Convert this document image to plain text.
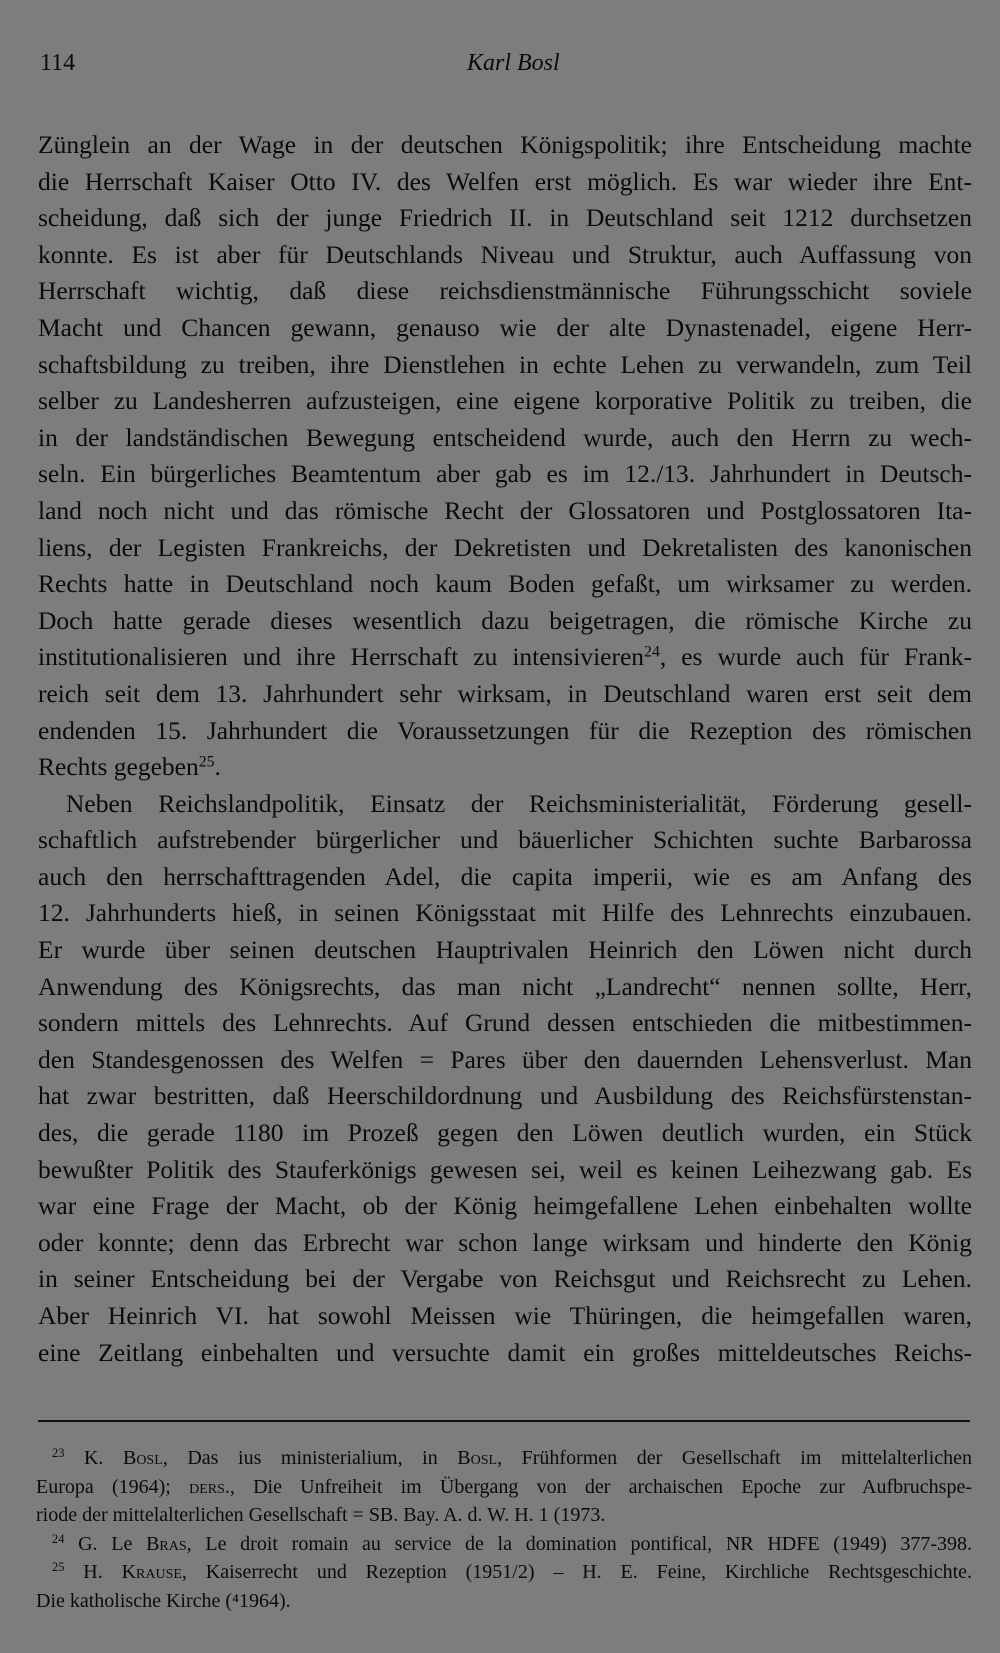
114	Karl Bosl
Zünglein an der Wage in der deutschen Königspolitik; ihre Entscheidung machte
die Herrschaft Kaiser Otto IV. des Welfen erst möglich. Es war wieder ihre Ent-
scheidung, daß sich der junge Friedrich II. in Deutschland seit 1212 durchsetzen
konnte. Es ist aber für Deutschlands Niveau und Struktur, auch Auffassung von
Herrschaft wichtig, daß diese reichsdienstmännische Führungsschicht soviele
Macht und Chancen gewann, genauso wie der alte Dynastenadel, eigene Herr-
schaftsbildung zu treiben, ihre Dienstlehen in echte Lehen zu verwandeln, zum Teil
selber zu Landesherren aufzusteigen, eine eigene korporative Politik zu treiben, die
in der landständischen Bewegung entscheidend wurde, auch den Herrn zu wech-
seln. Ein bürgerliches Beamtentum aber gab es im 12./13. Jahrhundert in Deutsch-
land noch nicht und das römische Recht der Glossatoren und Postglossatoren Ita-
liens, der Legisten Frankreichs, der Dekretisten und Dekretalisten des kanonischen
Rechts hatte in Deutschland noch kaum Boden gefaßt, um wirksamer zu werden.
Doch hatte gerade dieses wesentlich dazu beigetragen, die römische Kirche zu
institutionalisieren und ihre Herrschaft zu intensivieren$^{24}$, es wurde auch für Frank-
reich seit dem 13. Jahrhundert sehr wirksam, in Deutschland waren erst seit dem
endenden 15. Jahrhundert die Voraussetzungen für die Rezeption des römischen
Rechts gegeben$^{25}$.
Neben Reichslandpolitik, Einsatz der Reichsministerialität, Förderung gesell-
schaftlich aufstrebender bürgerlicher und bäuerlicher Schichten suchte Barbarossa
auch den herrschafttragenden Adel, die capita imperii, wie es am Anfang des
12. Jahrhunderts hieß, in seinen Königsstaat mit Hilfe des Lehnrechts einzubauen.
Er wurde über seinen deutschen Hauptrivalen Heinrich den Löwen nicht durch
Anwendung des Königsrechts, das man nicht „Landrecht“ nennen sollte, Herr,
sondern mittels des Lehnrechts. Auf Grund dessen entschieden die mitbestimmen-
den Standesgenossen des Welfen = Pares über den dauernden Lehensverlust. Man
hat zwar bestritten, daß Heerschildordnung und Ausbildung des Reichsfürstenstan-
des, die gerade 1180 im Prozeß gegen den Löwen deutlich wurden, ein Stück
bewußter Politik des Stauferkönigs gewesen sei, weil es keinen Leihezwang gab. Es
war eine Frage der Macht, ob der König heimgefallene Lehen einbehalten wollte
oder konnte; denn das Erbrecht war schon lange wirksam und hinderte den König
in seiner Entscheidung bei der Vergabe von Reichsgut und Reichsrecht zu Lehen.
Aber Heinrich VI. hat sowohl Meissen wie Thüringen, die heimgefallen waren,
eine Zeitlang einbehalten und versuchte damit ein großes mitteldeutsches Reichs-
$^{23}$ K. Bosl, Das ius ministerialium, in Bosl, Frühformen der Gesellschaft im mittelalterlichen
Europa (1964); ders., Die Unfreiheit im Übergang von der archaischen Epoche zur Aufbruchspe-
riode der mittelalterlichen Gesellschaft = SB. Bay. A. d. W. H. 1 (1973.
$^{24}$ G. Le Bras, Le droit romain au service de la domination pontifical, NR HDFE (1949) 377-398.
$^{25}$ H. Krause, Kaiserrecht und Rezeption (1951/2) – H. E. Feine, Kirchliche Rechtsgeschichte.
Die katholische Kirche (⁴1964).
